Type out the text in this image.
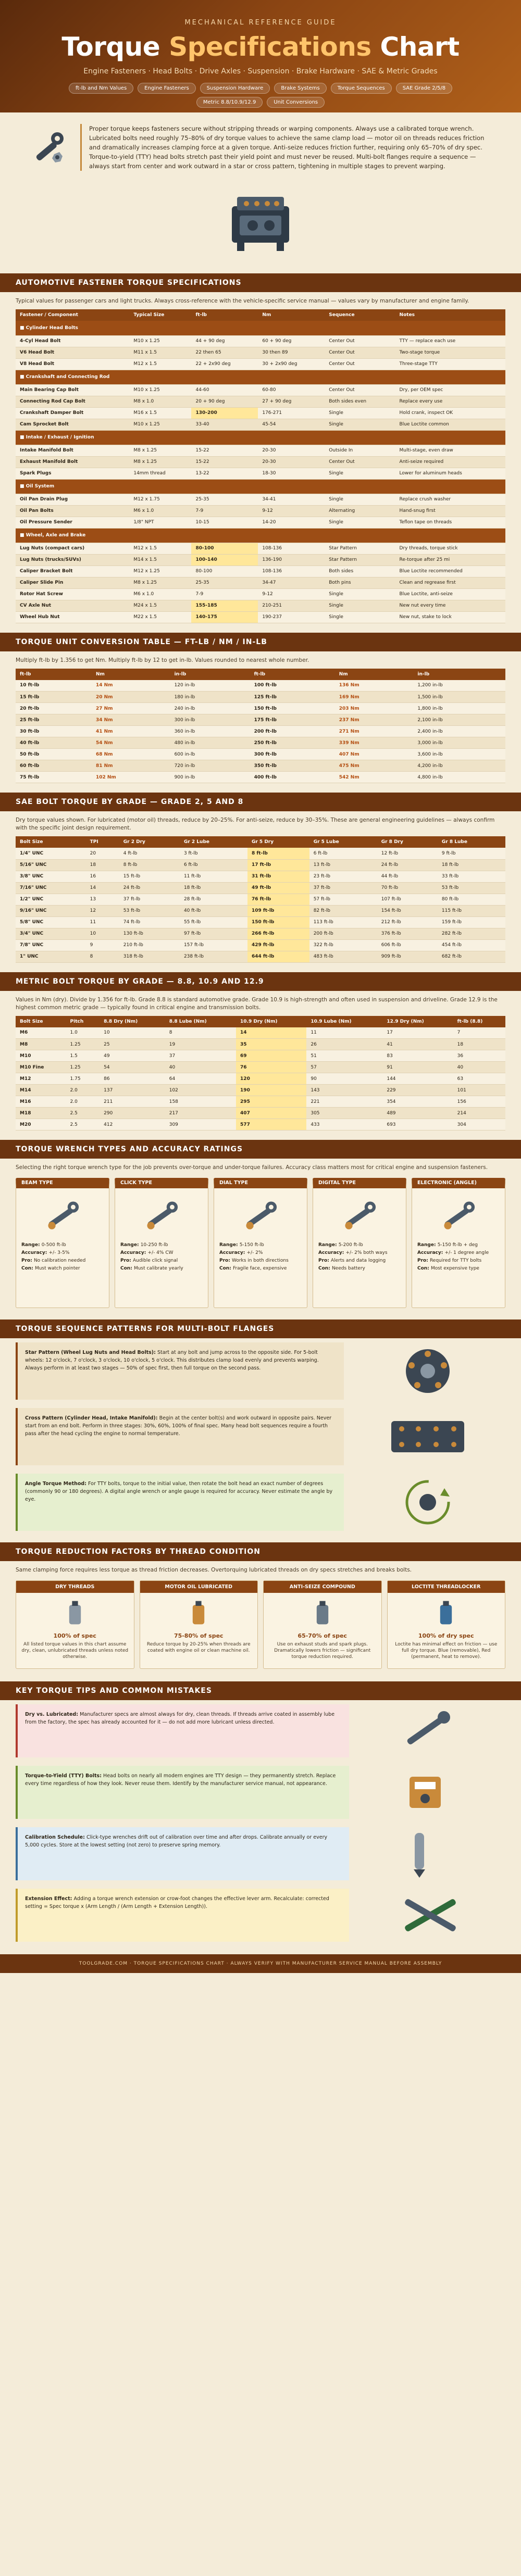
MECHANICAL REFERENCE GUIDE
Torque Specifications Chart
Engine Fasteners · Head Bolts · Drive Axles · Suspension · Brake Hardware · SAE & Metric Grades
ft-lb and Nm Values	Engine Fasteners	Suspension Hardware	Brake Systems	Torque Sequences	SAE Grade 2/5/8
Metric 8.8/10.9/12.9	Unit Conversions

Proper torque keeps fasteners secure without stripping threads or warping components. Always use a calibrated torque wrench. Lubricated bolts need roughly 75–80% of dry torque values to achieve the same clamp load — motor oil on threads reduces friction and dramatically increases clamping force at a given torque. Anti-seize reduces friction further, requiring only 65–70% of dry spec. Torque-to-yield (TTY) head bolts stretch past their yield point and must never be reused. Multi-bolt flanges require a sequence — always start from center and work outward in a star or cross pattern, tightening in multiple stages to prevent warping.

AUTOMOTIVE FASTENER TORQUE SPECIFICATIONS

Typical values for passenger cars and light trucks. Always cross-reference with the vehicle-specific service manual — values vary by manufacturer and engine family.

Fastener / Component	Typical Size	ft-lb	Nm	Sequence	Notes
■ Cylinder Head Bolts					
4-Cyl Head Bolt	M10 x 1.25	44 + 90 deg	60 + 90 deg	Center Out	TTY — replace each use
V6 Head Bolt	M11 x 1.5	22 then 65	30 then 89	Center Out	Two-stage torque
V8 Head Bolt	M12 x 1.5	22 + 2x90 deg	30 + 2x90 deg	Center Out	Three-stage TTY
■ Crankshaft and Connecting Rod					
Main Bearing Cap Bolt	M10 x 1.25	44-60	60-80	Center Out	Dry, per OEM spec
Connecting Rod Cap Bolt	M8 x 1.0	20 + 90 deg	27 + 90 deg	Both sides even	Replace every use
Crankshaft Damper Bolt	M16 x 1.5	130-200	176-271	Single	Hold crank, inspect OK
Cam Sprocket Bolt	M10 x 1.25	33-40	45-54	Single	Blue Loctite common
■ Intake / Exhaust / Ignition					
Intake Manifold Bolt	M8 x 1.25	15-22	20-30	Outside In	Multi-stage, even draw
Exhaust Manifold Bolt	M8 x 1.25	15-22	20-30	Center Out	Anti-seize required
Spark Plugs	14mm thread	13-22	18-30	Single	Lower for aluminum heads
■ Oil System					
Oil Pan Drain Plug	M12 x 1.75	25-35	34-41	Single	Replace crush washer
Oil Pan Bolts	M6 x 1.0	7-9	9-12	Alternating	Hand-snug first
Oil Pressure Sender	1/8" NPT	10-15	14-20	Single	Teflon tape on threads
■ Wheel, Axle and Brake					
Lug Nuts (compact cars)	M12 x 1.5	80-100	108-136	Star Pattern	Dry threads, torque stick
Lug Nuts (trucks/SUVs)	M14 x 1.5	100-140	136-190	Star Pattern	Re-torque after 25 mi
Caliper Bracket Bolt	M12 x 1.25	80-100	108-136	Both sides	Blue Loctite recommended
Caliper Slide Pin	M8 x 1.25	25-35	34-47	Both pins	Clean and regrease first
Rotor Hat Screw	M6 x 1.0	7-9	9-12	Single	Blue Loctite, anti-seize
CV Axle Nut	M24 x 1.5	155-185	210-251	Single	New nut every time
Wheel Hub Nut	M22 x 1.5	140-175	190-237	Single	New nut, stake to lock
TORQUE UNIT CONVERSION TABLE — FT-LB / NM / IN-LB

Multiply ft-lb by 1.356 to get Nm. Multiply ft-lb by 12 to get in-lb. Values rounded to nearest whole number.

ft-lb	Nm	in-lb	ft-lb	Nm	in-lb
10 ft-lb	14 Nm	120 in-lb	100 ft-lb	136 Nm	1,200 in-lb
15 ft-lb	20 Nm	180 in-lb	125 ft-lb	169 Nm	1,500 in-lb
20 ft-lb	27 Nm	240 in-lb	150 ft-lb	203 Nm	1,800 in-lb
25 ft-lb	34 Nm	300 in-lb	175 ft-lb	237 Nm	2,100 in-lb
30 ft-lb	41 Nm	360 in-lb	200 ft-lb	271 Nm	2,400 in-lb
40 ft-lb	54 Nm	480 in-lb	250 ft-lb	339 Nm	3,000 in-lb
50 ft-lb	68 Nm	600 in-lb	300 ft-lb	407 Nm	3,600 in-lb
60 ft-lb	81 Nm	720 in-lb	350 ft-lb	475 Nm	4,200 in-lb
75 ft-lb	102 Nm	900 in-lb	400 ft-lb	542 Nm	4,800 in-lb
SAE BOLT TORQUE BY GRADE — GRADE 2, 5 AND 8

Dry torque values shown. For lubricated (motor oil) threads, reduce by 20–25%. For anti-seize, reduce by 30–35%. These are general engineering guidelines — always confirm with the specific joint design requirement.

Bolt Size	TPI	Gr 2 Dry	Gr 2 Lube	Gr 5 Dry	Gr 5 Lube	Gr 8 Dry	Gr 8 Lube
1/4" UNC	20	4 ft-lb	3 ft-lb	8 ft-lb	6 ft-lb	12 ft-lb	9 ft-lb
5/16" UNC	18	8 ft-lb	6 ft-lb	17 ft-lb	13 ft-lb	24 ft-lb	18 ft-lb
3/8" UNC	16	15 ft-lb	11 ft-lb	31 ft-lb	23 ft-lb	44 ft-lb	33 ft-lb
7/16" UNC	14	24 ft-lb	18 ft-lb	49 ft-lb	37 ft-lb	70 ft-lb	53 ft-lb
1/2" UNC	13	37 ft-lb	28 ft-lb	76 ft-lb	57 ft-lb	107 ft-lb	80 ft-lb
9/16" UNC	12	53 ft-lb	40 ft-lb	109 ft-lb	82 ft-lb	154 ft-lb	115 ft-lb
5/8" UNC	11	74 ft-lb	55 ft-lb	150 ft-lb	113 ft-lb	212 ft-lb	159 ft-lb
3/4" UNC	10	130 ft-lb	97 ft-lb	266 ft-lb	200 ft-lb	376 ft-lb	282 ft-lb
7/8" UNC	9	210 ft-lb	157 ft-lb	429 ft-lb	322 ft-lb	606 ft-lb	454 ft-lb
1" UNC	8	318 ft-lb	238 ft-lb	644 ft-lb	483 ft-lb	909 ft-lb	682 ft-lb
METRIC BOLT TORQUE BY GRADE — 8.8, 10.9 AND 12.9

Values in Nm (dry). Divide by 1.356 for ft-lb. Grade 8.8 is standard automotive grade. Grade 10.9 is high-strength and often used in suspension and driveline. Grade 12.9 is the highest common metric grade — typically found in critical engine and transmission bolts.

Bolt Size	Pitch	8.8 Dry (Nm)	8.8 Lube (Nm)	10.9 Dry (Nm)	10.9 Lube (Nm)	12.9 Dry (Nm)	ft-lb (8.8)
M6	1.0	10	8	14	11	17	7
M8	1.25	25	19	35	26	41	18
M10	1.5	49	37	69	51	83	36
M10 Fine	1.25	54	40	76	57	91	40
M12	1.75	86	64	120	90	144	63
M14	2.0	137	102	190	143	229	101
M16	2.0	211	158	295	221	354	156
M18	2.5	290	217	407	305	489	214
M20	2.5	412	309	577	433	693	304
TORQUE WRENCH TYPES AND ACCURACY RATINGS

Selecting the right torque wrench type for the job prevents over-torque and under-torque failures. Accuracy class matters most for critical engine and suspension fasteners.

BEAM TYPE
Range: 0-500 ft-lb
Accuracy: +/- 3-5%
Pro: No calibration needed
Con: Must watch pointer
CLICK TYPE
Range: 10-250 ft-lb
Accuracy: +/- 4% CW
Pro: Audible click signal
Con: Must calibrate yearly
DIAL TYPE
Range: 5-150 ft-lb
Accuracy: +/- 2%
Pro: Works in both directions
Con: Fragile face, expensive
DIGITAL TYPE
Range: 5-200 ft-lb
Accuracy: +/- 2% both ways
Pro: Alerts and data logging
Con: Needs battery
ELECTRONIC (ANGLE)
Range: 5-150 ft-lb + deg
Accuracy: +/- 1 degree angle
Pro: Required for TTY bolts
Con: Most expensive type
TORQUE SEQUENCE PATTERNS FOR MULTI-BOLT FLANGES
Star Pattern (Wheel Lug Nuts and Head Bolts): Start at any bolt and jump across to the opposite side. For 5-bolt wheels: 12 o'clock, 7 o'clock, 3 o'clock, 10 o'clock, 5 o'clock. This distributes clamp load evenly and prevents warping. Always perform in at least two stages — 50% of spec first, then full torque on the second pass.
Cross Pattern (Cylinder Head, Intake Manifold): Begin at the center bolt(s) and work outward in opposite pairs. Never start from an end bolt. Perform in three stages: 30%, 60%, 100% of final spec. Many head bolt sequences require a fourth pass after the head cycling the engine to normal temperature.
Angle Torque Method: For TTY bolts, torque to the initial value, then rotate the bolt head an exact number of degrees (commonly 90 or 180 degrees). A digital angle wrench or angle gauge is required for accuracy. Never estimate the angle by eye.
TORQUE REDUCTION FACTORS BY THREAD CONDITION

Same clamping force requires less torque as thread friction decreases. Overtorquing lubricated threads on dry specs stretches and breaks bolts.

DRY THREADS
100% of spec
All listed torque values in this chart assume dry, clean, unlubricated threads unless noted otherwise.
MOTOR OIL LUBRICATED
75-80% of spec
Reduce torque by 20-25% when threads are coated with engine oil or clean machine oil.
ANTI-SEIZE COMPOUND
65-70% of spec
Use on exhaust studs and spark plugs. Dramatically lowers friction — significant torque reduction required.
LOCTITE THREADLOCKER
100% of dry spec
Loctite has minimal effect on friction — use full dry torque. Blue (removable), Red (permanent, heat to remove).
KEY TORQUE TIPS AND COMMON MISTAKES
Dry vs. Lubricated: Manufacturer specs are almost always for dry, clean threads. If threads arrive coated in assembly lube from the factory, the spec has already accounted for it — do not add more lubricant unless directed.
Torque-to-Yield (TTY) Bolts: Head bolts on nearly all modern engines are TTY design — they permanently stretch. Replace every time regardless of how they look. Never reuse them. Identify by the manufacturer service manual, not appearance.
Calibration Schedule: Click-type wrenches drift out of calibration over time and after drops. Calibrate annually or every 5,000 cycles. Store at the lowest setting (not zero) to preserve spring memory.
Extension Effect: Adding a torque wrench extension or crow-foot changes the effective lever arm. Recalculate: corrected setting = Spec torque x (Arm Length / (Arm Length + Extension Length)).
TOOLGRADE.COM · TORQUE SPECIFICATIONS CHART · ALWAYS VERIFY WITH MANUFACTURER SERVICE MANUAL BEFORE ASSEMBLY
